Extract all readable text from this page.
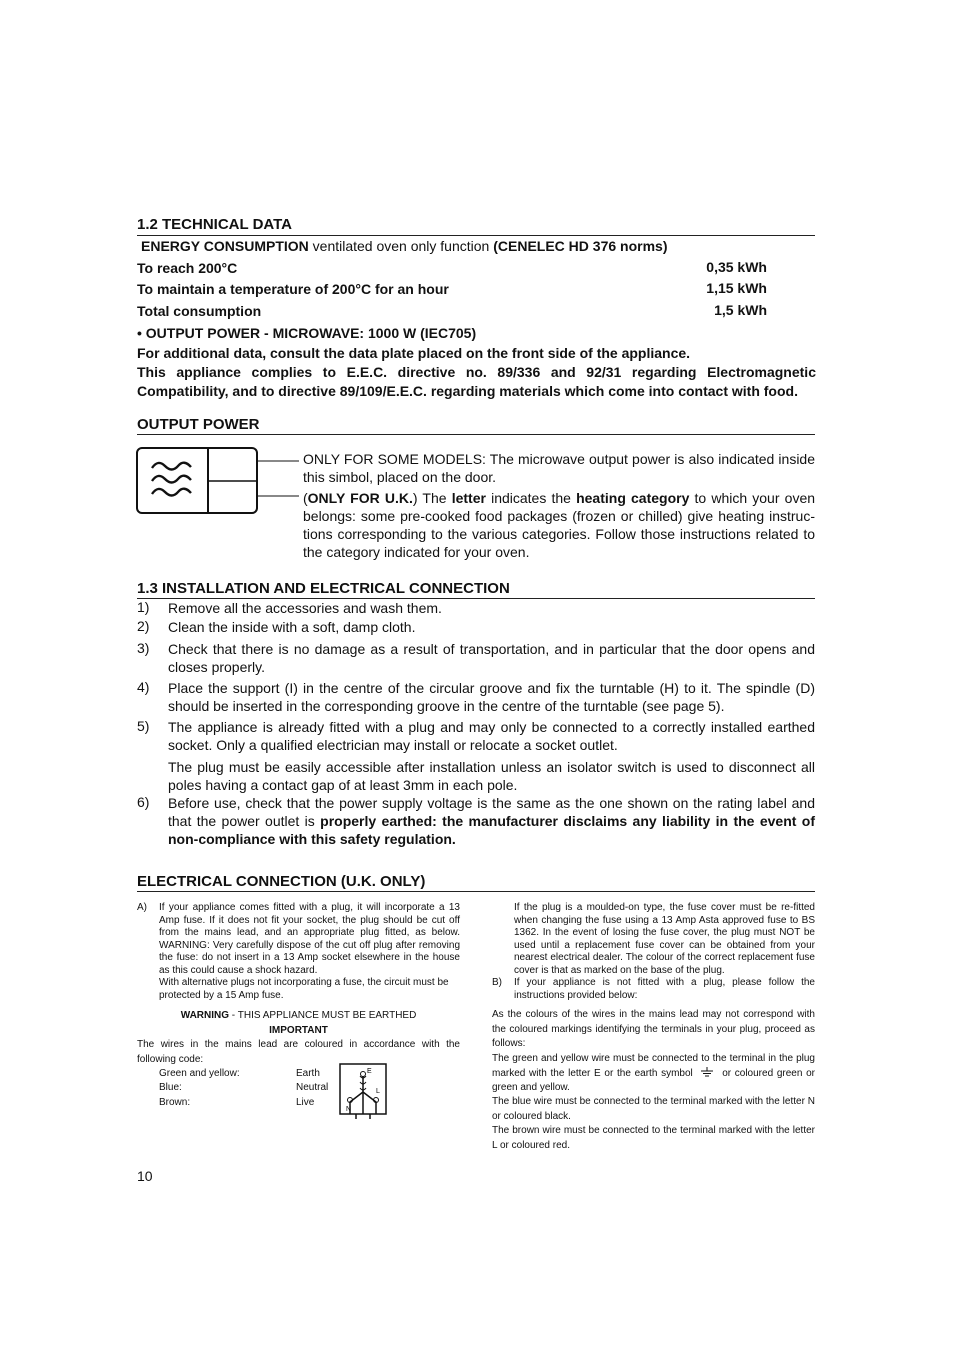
1.2 TECHNICAL DATA
ENERGY CONSUMPTION ventilated oven only function (CENELEC HD 376 norms)
To reach 200°C	0,35 kWh
To maintain a temperature of 200°C for an hour	1,15 kWh
Total consumption	1,5 kWh
• OUTPUT POWER - MICROWAVE: 1000 W (IEC705)
For additional data, consult the data plate placed on the front side of the appliance.
This appliance complies to E.E.C. directive no. 89/336 and 92/31 regarding Electromagnetic Compatibility, and to directive 89/109/E.E.C. regarding materials which come into contact with food.
OUTPUT POWER
ONLY FOR SOME MODELS: The microwave output power is also indicated inside this simbol, placed on the door.
(ONLY FOR U.K.) The letter indicates the heating category to which your oven belongs: some pre-cooked food packages (frozen or chilled) give heating instruc-tions corresponding to the various categories. Follow those instructions related to the category indicated for your oven.
1.3 INSTALLATION AND ELECTRICAL CONNECTION
1) Remove all the accessories and wash them.
2) Clean the inside with a soft, damp cloth.
3) Check that there is no damage as a result of transportation, and in particular that the door opens and closes properly.
4) Place the support (I) in the centre of the circular groove and fix the turntable (H) to it. The spindle (D) should be inserted in the corresponding groove in the centre of the turntable (see page 5).
5) The appliance is already fitted with a plug and may only be connected to a correctly installed earthed socket. Only a qualified electrician may install or relocate a socket outlet.
The plug must be easily accessible after installation unless an isolator switch is used to disconnect all poles having a contact gap of at least 3mm in each pole.
6) Before use, check that the power supply voltage is the same as the one shown on the rating label and that the power outlet is properly earthed: the manufacturer disclaims any liability in the event of non-compliance with this safety regulation.
ELECTRICAL CONNECTION (U.K. ONLY)
A) If your appliance comes fitted with a plug, it will incorporate a 13 Amp fuse. If it does not fit your socket, the plug should be cut off from the mains lead, and an appropriate plug fitted, as below. WARNING: Very carefully dispose of the cut off plug after removing the fuse: do not insert in a 13 Amp socket elsewhere in the house as this could cause a shock hazard.
With alternative plugs not incorporating a fuse, the circuit must be protected by a 15 Amp fuse.
WARNING - THIS APPLIANCE MUST BE EARTHED
IMPORTANT
The wires in the mains lead are coloured in accordance with the following code:
Green and yellow:	Earth
Blue:	Neutral
Brown:	Live
E
N
L
If the plug is a moulded-on type, the fuse cover must be re-fitted when changing the fuse using a 13 Amp Asta approved fuse to BS 1362. In the event of losing the fuse cover, the plug must NOT be used until a replacement fuse cover can be obtained from your nearest electrical dealer. The colour of the correct replacement fuse cover is that as marked on the base of the plug.
B) If your appliance is not fitted with a plug, please follow the instructions provided below:
As the colours of the wires in the mains lead may not correspond with the coloured markings identifying the terminals in your plug, proceed as follows:
The green and yellow wire must be connected to the terminal in the plug marked with the letter E or the earth symbol	or coloured green or green and yellow.
The blue wire must be connected to the terminal marked with the letter N or coloured black.
The brown wire must be connected to the terminal marked with the letter L or coloured red.
10
